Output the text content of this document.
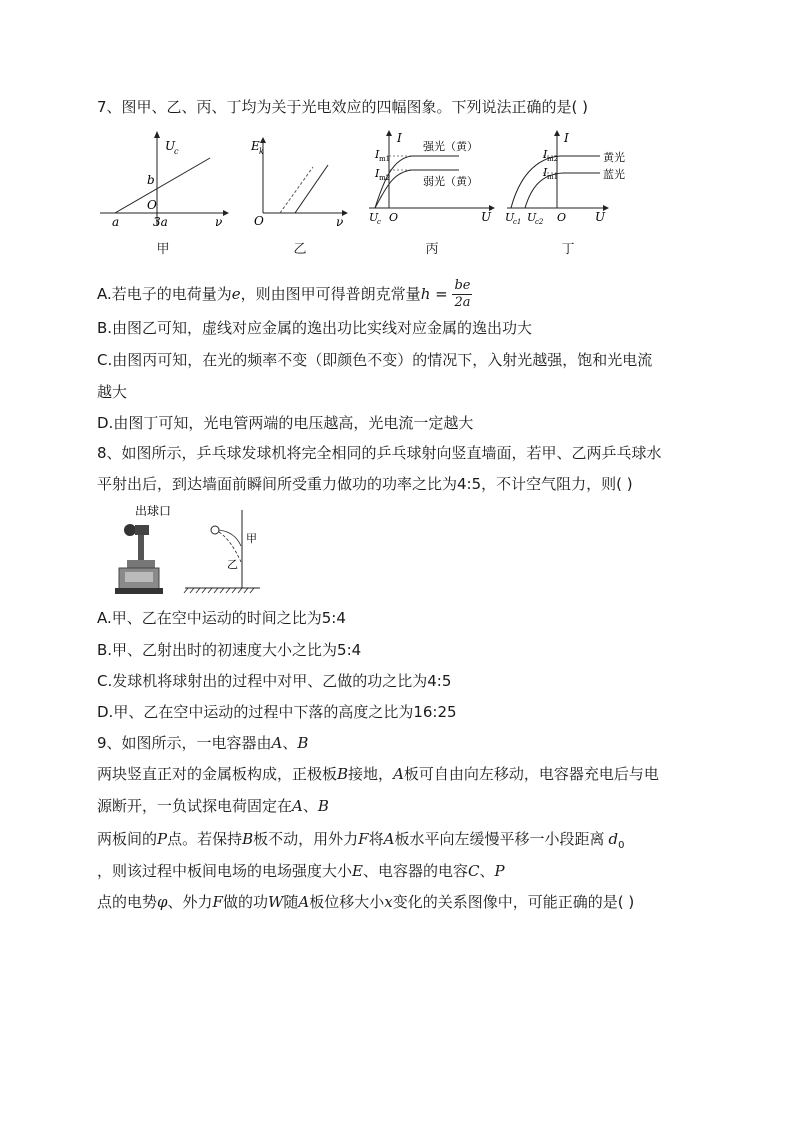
7、图甲、乙、丙、丁均为关于光电效应的四幅图象。下列说法正确的是( )
U
c
b
O
a	3a	ν
甲
E k
O	ν
乙
I
I m1
I m2
强光（黄）
弱光（黄）
U
c O	U
丙
I
I m2
I m1
黄光
蓝光
U
c1 U
c2 O U
丁
A.若电子的电荷量为e，则由图甲可得普朗克常量$h = \frac{be}{2a}$
B.由图乙可知，虚线对应金属的逸出功比实线对应金属的逸出功大
C.由图丙可知，在光的频率不变（即颜色不变）的情况下，入射光越强，饱和光电流
越大
D.由图丁可知，光电管两端的电压越高，光电流一定越大
8、如图所示，乒乓球发球机将完全相同的乒乓球射向竖直墙面，若甲、乙两乒乓球水
平射出后，到达墙面前瞬间所受重力做功的功率之比为4:5，不计空气阻力，则( )
出球口
甲
乙
A.甲、乙在空中运动的时间之比为5:4
B.甲、乙射出时的初速度大小之比为5:4
C.发球机将球射出的过程中对甲、乙做的功之比为4:5
D.甲、乙在空中运动的过程中下落的高度之比为16:25
9、如图所示，一电容器由A、B
两块竖直正对的金属板构成，正极板B接地，A板可自由向左移动，电容器充电后与电
源断开，一负试探电荷固定在A、B
两板间的P点。若保持B板不动，用外力F将A板水平向左缓慢平移一小段距离 $d_0$
，则该过程中板间电场的电场强度大小E、电容器的电容C、P
点的电势φ、外力F做的功W随A板位移大小x变化的关系图像中，可能正确的是( )
